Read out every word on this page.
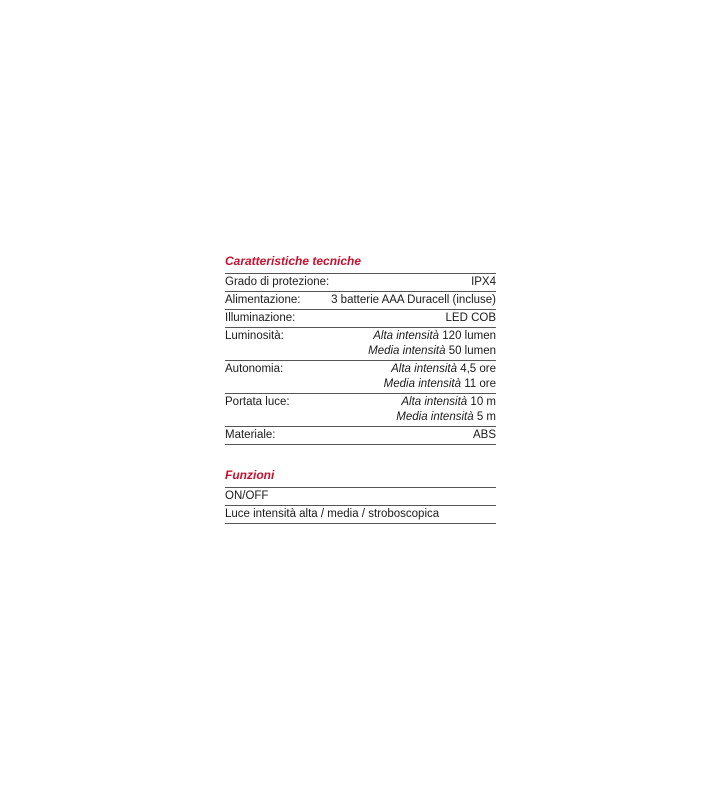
Caratteristiche tecniche
Grado di protezione:	IPX4
Alimentazione:	3 batterie AAA Duracell (incluse)
Illuminazione:	LED COB
Luminosità:	Alta intensità 120 lumen
Media intensità 50 lumen
Autonomia:	Alta intensità 4,5 ore
Media intensità 11 ore
Portata luce:	Alta intensità 10 m
Media intensità 5 m
Materiale:	ABS
Funzioni
ON/OFF
Luce intensità alta / media / stroboscopica
